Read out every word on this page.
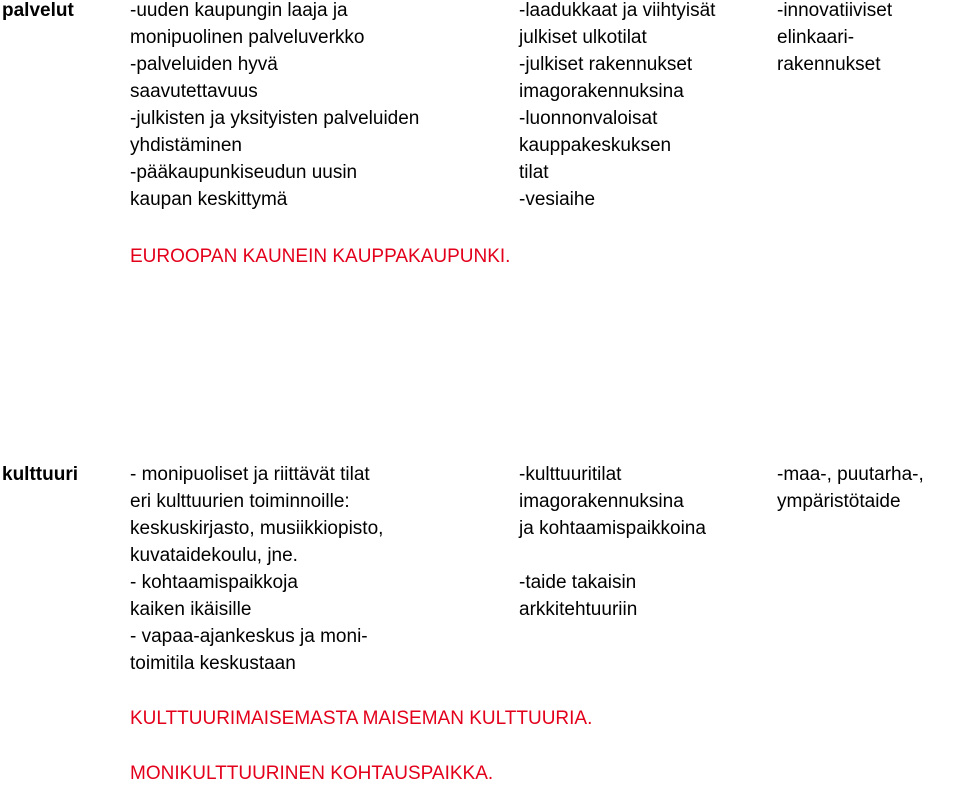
palvelut	-uuden kaupungin laaja ja
monipuolinen palveluverkko
-palveluiden hyvä
saavutettavuus
-julkisten ja yksityisten palveluiden
yhdistäminen
-pääkaupunkiseudun uusin
kaupan keskittymä
-laadukkaat ja viihtyisät
julkiset ulkotilat
-julkiset rakennukset
imagorakennuksina
-luonnonvaloisat
kauppakeskuksen
tilat
-vesiaihe
-innovatiiviset
elinkaari-
rakennukset
EUROOPAN KAUNEIN KAUPPAKAUPUNKI.
kulttuuri	- monipuoliset ja riittävät tilat
eri kulttuurien toiminnoille:
keskuskirjasto, musiikkiopisto,
kuvataidekoulu, jne.
- kohtaamispaikkoja
kaiken ikäisille
- vapaa-ajankeskus ja moni-
toimitila keskustaan
-kulttuuritilat
imagorakennuksina
ja kohtaamispaikkoina

-taide takaisin
arkkitehtuuriin
-maa-, puutarha-,
ympäristötaide
KULTTUURIMAISEMASTA MAISEMAN KULTTUURIA.
MONIKULTTUURINEN KOHTAUSPAIKKA.
